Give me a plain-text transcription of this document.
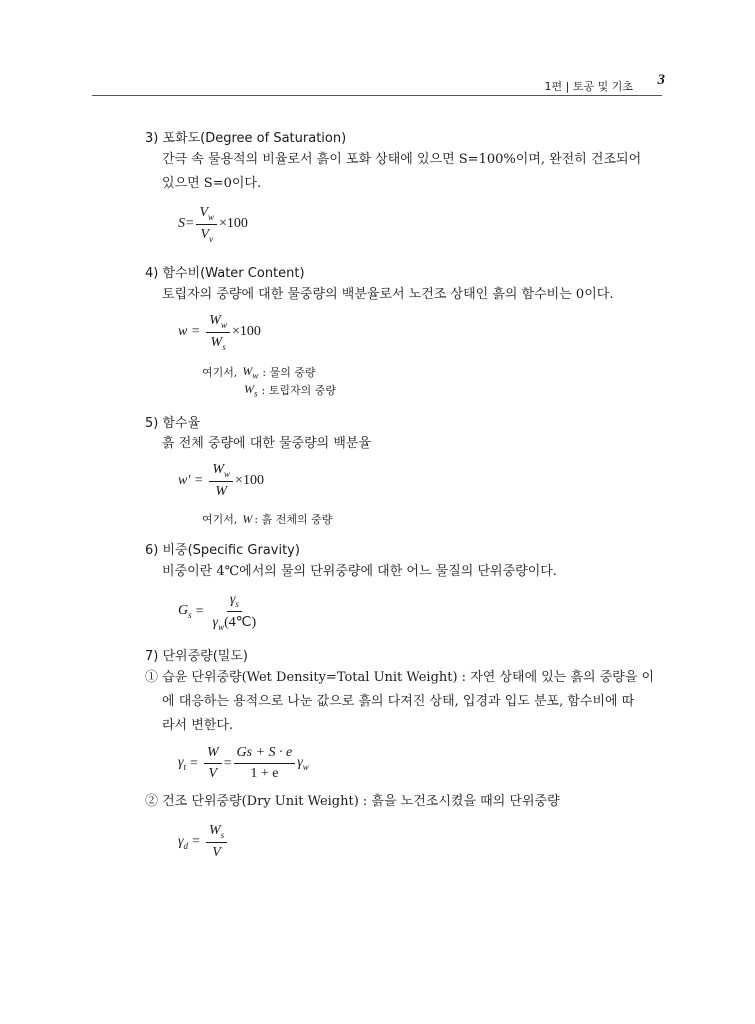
1편 | 토공 및 기초 3
3) 포화도(Degree of Saturation)
간극 속 물용적의 비율로서 흙이 포화 상태에 있으면 S=100%이며, 완전히 건조되어
있으면 S=0이다.
$S= \frac{V_w}{V_v} \times 100$
4) 함수비(Water Content)
토립자의 중량에 대한 물중량의 백분율로서 노건조 상태인 흙의 함수비는 0이다.
$w = \frac{W_w}{W_s} \times 100$
여기서, $W_w$ : 물의 중량
$W_s$ : 토립자의 중량
5) 함수율
흙 전체 중량에 대한 물중량의 백분율
$w' = \frac{W_w}{W} \times 100$
여기서, W : 흙 전체의 중량
6) 비중(Specific Gravity)
비중이란 4℃에서의 물의 단위중량에 대한 어느 물질의 단위중량이다.
$G_s = \frac{\gamma_s}{\gamma_w(4℃)}$
7) 단위중량(밀도)
① 습윤 단위중량(Wet Density=Total Unit Weight) : 자연 상태에 있는 흙의 중량을 이
에 대응하는 용적으로 나눈 값으로 흙의 다져진 상태, 입경과 입도 분포, 함수비에 따
라서 변한다.
$\gamma_t = \frac{W}{V} = \frac{Gs + S \cdot e}{1 + e} \gamma_w$
② 건조 단위중량(Dry Unit Weight) : 흙을 노건조시켰을 때의 단위중량
$\gamma_d = \frac{W_s}{V}$
